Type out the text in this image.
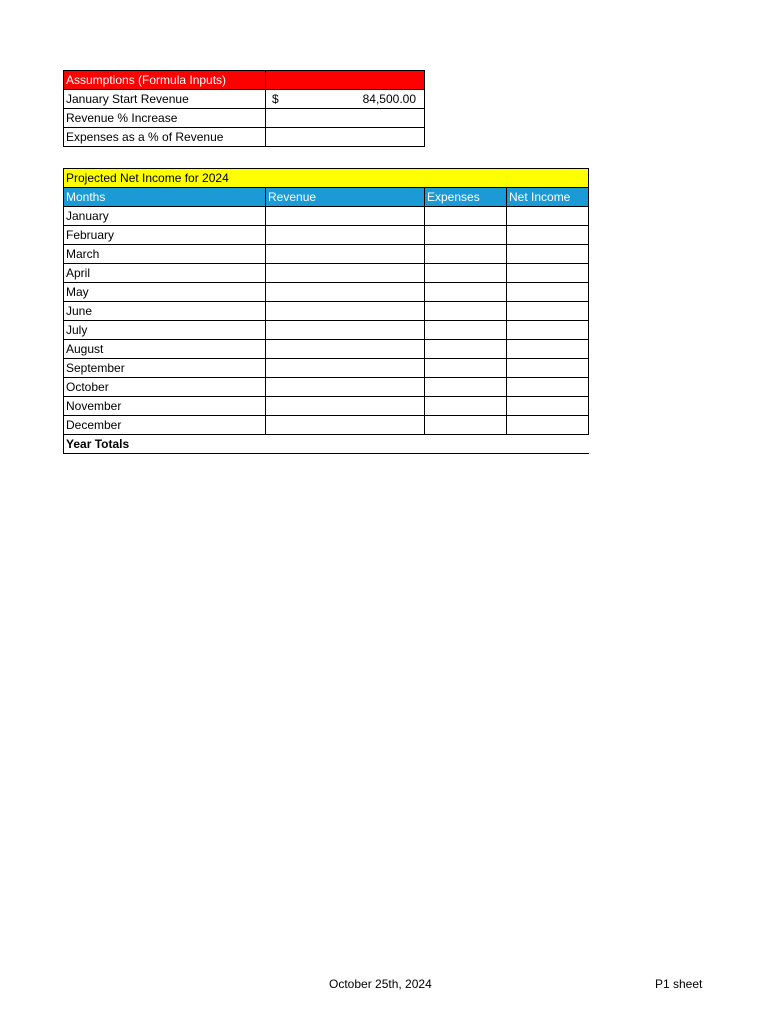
Assumptions (Formula Inputs)	
January Start Revenue	$ 84,500.00

Revenue % Increase	
Expenses as a % of Revenue	
Projected Net Income for 2024			
Months	Revenue	Expenses	Net Income
January			
February			
March			
April			
May			
June			
July			
August			
September			
October			
November			
December			
Year Totals			
October 25th, 2024	P1 sheet
